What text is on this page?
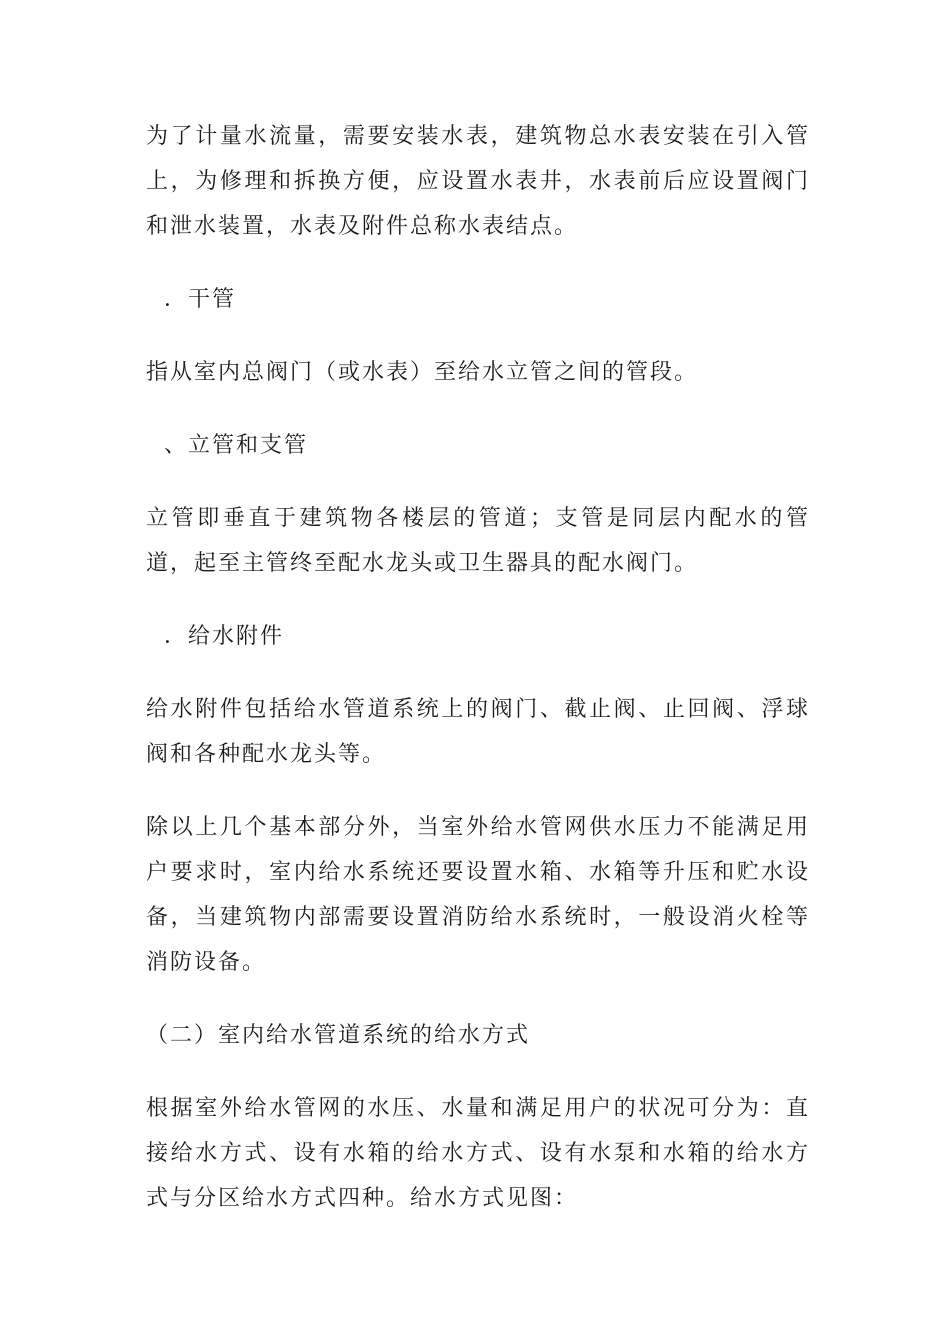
为了计量水流量，需要安装水表，建筑物总水表安装在引入管上，为修理和拆换方便，应设置水表井，水表前后应设置阀门和泄水装置，水表及附件总称水表结点。

．干管

指从室内总阀门（或水表）至给水立管之间的管段。

、立管和支管

立管即垂直于建筑物各楼层的管道；支管是同层内配水的管道，起至主管终至配水龙头或卫生器具的配水阀门。

．给水附件

给水附件包括给水管道系统上的阀门、截止阀、止回阀、浮球阀和各种配水龙头等。

除以上几个基本部分外，当室外给水管网供水压力不能满足用户要求时，室内给水系统还要设置水箱、水箱等升压和贮水设备，当建筑物内部需要设置消防给水系统时，一般设消火栓等消防设备。

（二）室内给水管道系统的给水方式

根据室外给水管网的水压、水量和满足用户的状况可分为：直接给水方式、设有水箱的给水方式、设有水泵和水箱的给水方式与分区给水方式四种。给水方式见图：
